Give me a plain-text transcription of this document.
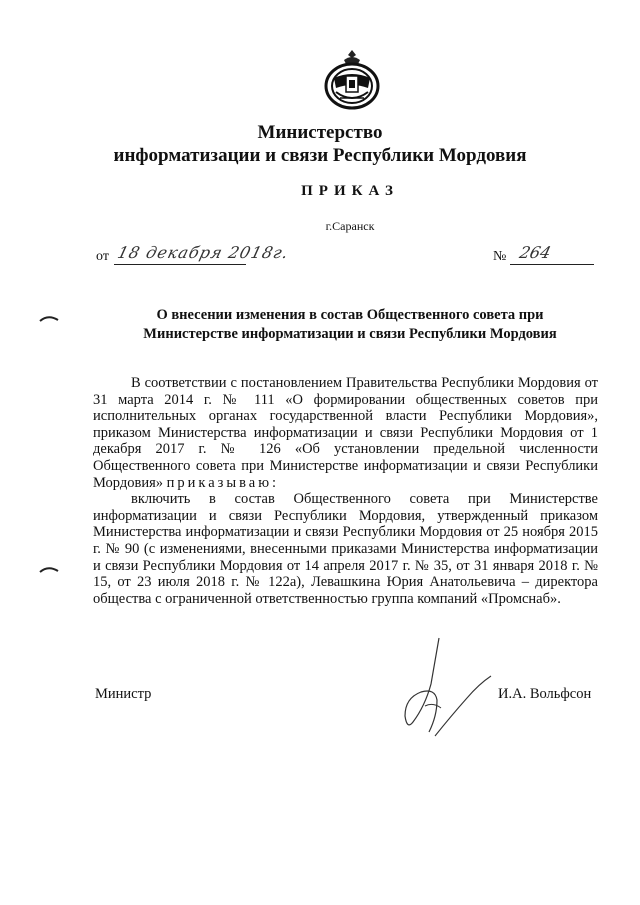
Министерство
информатизации и связи Республики Мордовия
ПРИКАЗ
г.Саранск
от 18 декабря 2018г.	№ 264
О внесении изменения в состав Общественного совета при
Министерстве информатизации и связи Республики Мордовия

В соответствии с постановлением Правительства Республики Мордовия от 31 марта 2014 г. № 111 «О формировании общественных советов при исполнительных органах государственной власти Республики Мордовия», приказом Министерства информатизации и связи Республики Мордовия от 1 декабря 2017 г. № 126 «Об установлении предельной численности Общественного совета при Министерстве информатизации и связи Республики Мордовия» приказываю:

включить в состав Общественного совета при Министерстве информатизации и связи Республики Мордовия, утвержденный приказом Министерства информатизации и связи Республики Мордовия от 25 ноября 2015 г. № 90 (с изменениями, внесенными приказами Министерства информатизации и связи Республики Мордовия от 14 апреля 2017 г. № 35, от 31 января 2018 г. № 15, от 23 июля 2018 г. № 122а), Левашкина Юрия Анатольевича – директора общества с ограниченной ответственностью группа компаний «Промснаб».

Министр	И.А. Вольфсон
